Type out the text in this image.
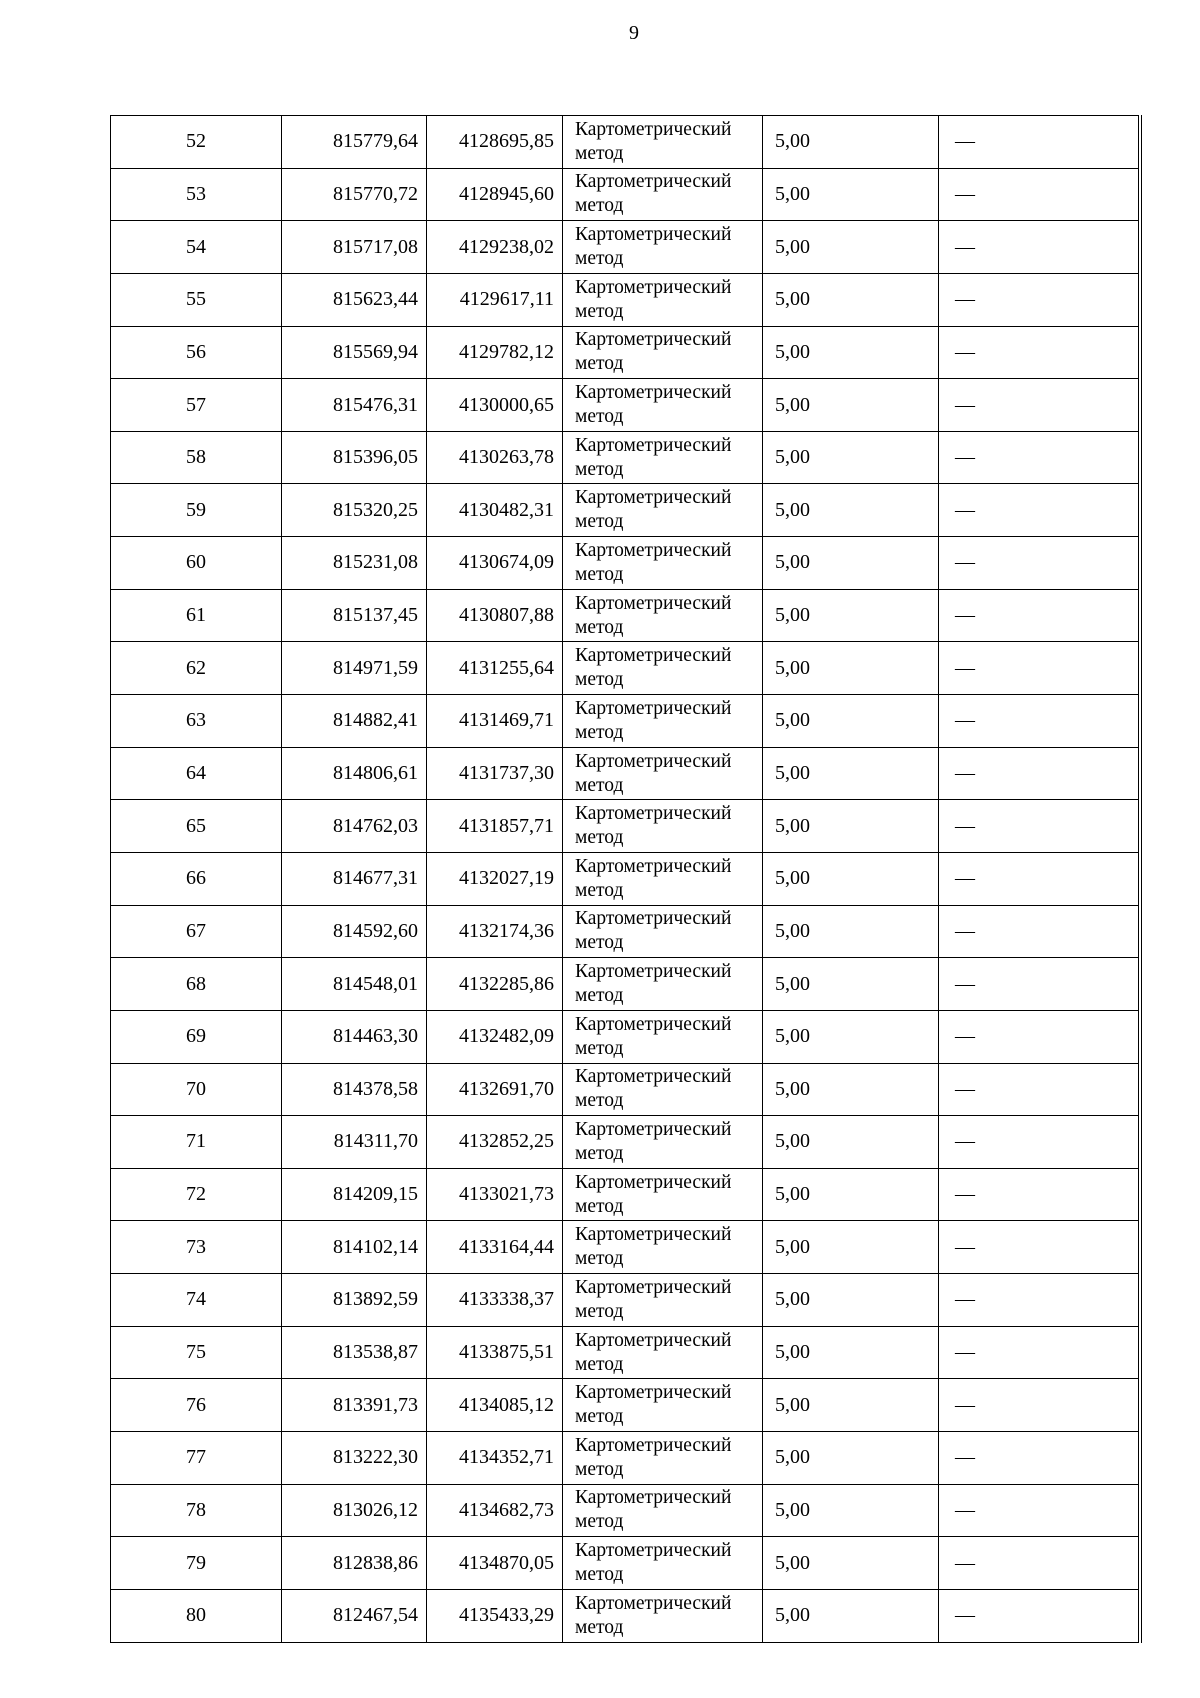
9
52	815779,64	4128695,85	Картометрический метод	5,00	—
53	815770,72	4128945,60	Картометрический метод	5,00	—
54	815717,08	4129238,02	Картометрический метод	5,00	—
55	815623,44	4129617,11	Картометрический метод	5,00	—
56	815569,94	4129782,12	Картометрический метод	5,00	—
57	815476,31	4130000,65	Картометрический метод	5,00	—
58	815396,05	4130263,78	Картометрический метод	5,00	—
59	815320,25	4130482,31	Картометрический метод	5,00	—
60	815231,08	4130674,09	Картометрический метод	5,00	—
61	815137,45	4130807,88	Картометрический метод	5,00	—
62	814971,59	4131255,64	Картометрический метод	5,00	—
63	814882,41	4131469,71	Картометрический метод	5,00	—
64	814806,61	4131737,30	Картометрический метод	5,00	—
65	814762,03	4131857,71	Картометрический метод	5,00	—
66	814677,31	4132027,19	Картометрический метод	5,00	—
67	814592,60	4132174,36	Картометрический метод	5,00	—
68	814548,01	4132285,86	Картометрический метод	5,00	—
69	814463,30	4132482,09	Картометрический метод	5,00	—
70	814378,58	4132691,70	Картометрический метод	5,00	—
71	814311,70	4132852,25	Картометрический метод	5,00	—
72	814209,15	4133021,73	Картометрический метод	5,00	—
73	814102,14	4133164,44	Картометрический метод	5,00	—
74	813892,59	4133338,37	Картометрический метод	5,00	—
75	813538,87	4133875,51	Картометрический метод	5,00	—
76	813391,73	4134085,12	Картометрический метод	5,00	—
77	813222,30	4134352,71	Картометрический метод	5,00	—
78	813026,12	4134682,73	Картометрический метод	5,00	—
79	812838,86	4134870,05	Картометрический метод	5,00	—
80	812467,54	4135433,29	Картометрический метод	5,00	—
